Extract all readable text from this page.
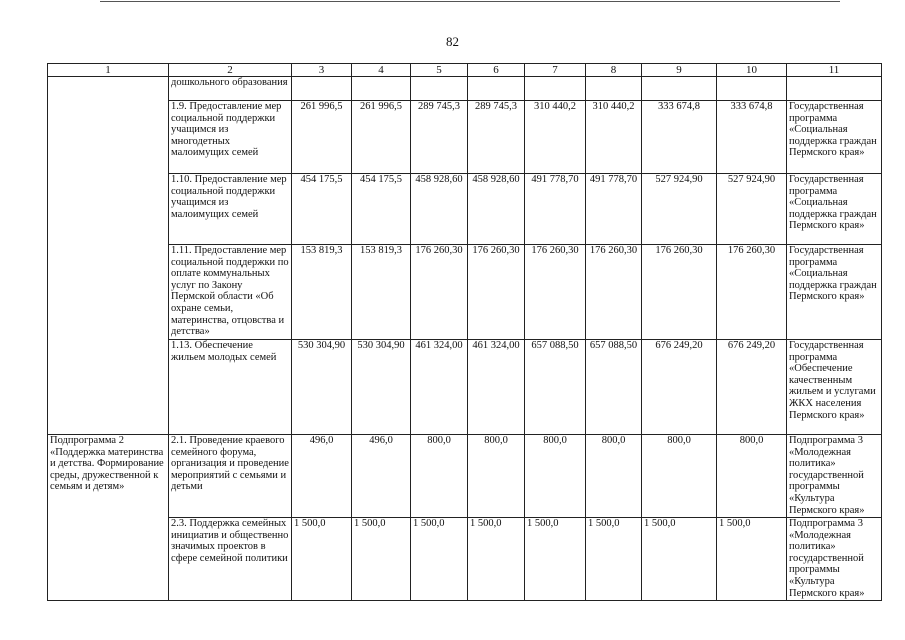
82
1	2	3	4	5	6	7	8	9	10	11
	дошкольного образования									
	1.9. Предоставление мер социальной поддержки учащимся из многодетных малоимущих семей	261 996,5	261 996,5	289 745,3	289 745,3	310 440,2	310 440,2	333 674,8	333 674,8	Государственная программа «Социальная поддержка граждан Пермского края»
	1.10. Предоставление мер социальной поддержки учащимся из малоимущих семей	454 175,5	454 175,5	458 928,60	458 928,60	491 778,70	491 778,70	527 924,90	527 924,90	Государственная программа «Социальная поддержка граждан Пермского края»
	1.11. Предоставление мер социальной поддержки по оплате коммунальных услуг по Закону Пермской области «Об охране семьи, материнства, отцовства и детства»	153 819,3	153 819,3	176 260,30	176 260,30	176 260,30	176 260,30	176 260,30	176 260,30	Государственная программа «Социальная поддержка граждан Пермского края»
	1.13. Обеспечение жильем молодых семей	530 304,90	530 304,90	461 324,00	461 324,00	657 088,50	657 088,50	676 249,20	676 249,20	Государственная программа «Обеспечение качественным жильем и услугами ЖКХ населения Пермского края»
Подпрограмма 2 «Поддержка материнства и детства. Формирование среды, дружественной к семьям и детям»	2.1. Проведение краевого семейного форума, организация и проведение мероприятий с семьями и детьми	496,0	496,0	800,0	800,0	800,0	800,0	800,0	800,0	Подпрограмма 3 «Молодежная политика» государственной программы «Культура Пермского края»
	2.3. Поддержка семейных инициатив и общественно значимых проектов в сфере семейной политики	1 500,0	1 500,0	1 500,0	1 500,0	1 500,0	1 500,0	1 500,0	1 500,0	Подпрограмма 3 «Молодежная политика» государственной программы «Культура Пермского края»
